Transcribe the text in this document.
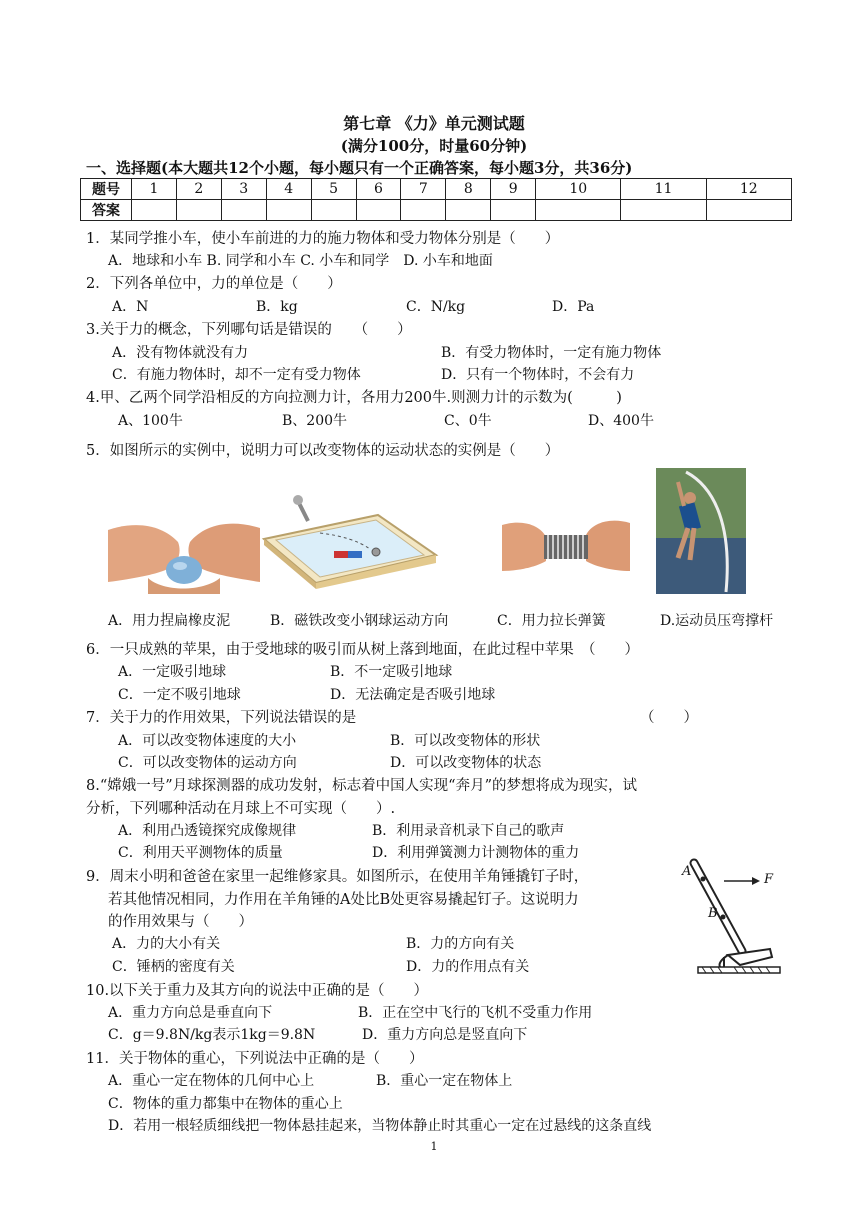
第七章 《力》单元测试题
(满分100分，时量60分钟)
一、选择题(本大题共12个小题，每小题只有一个正确答案，每小题3分，共36分)
题号	1	2	3	4	5	6	7	8	9	10	11	12
答案												
1．某同学推小车，使小车前进的力的施力物体和受力物体分别是（　　）
A．地球和小车 B. 同学和小车 C. 小车和同学　D. 小车和地面
2．下列各单位中，力的单位是（　　）
A．N	B．kg	C．N/kg	D．Pa
3.关于力的概念，下列哪句话是错误的　　（　　）
A．没有物体就没有力	B．有受力物体时，一定有施力物体
C．有施力物体时，却不一定有受力物体	D．只有一个物体时，不会有力
4.甲、乙两个同学沿相反的方向拉测力计，各用力200牛.则测力计的示数为(　　　)
A、100牛	B、200牛	C、0牛	D、400牛
5．如图所示的实例中，说明力可以改变物体的运动状态的实例是（　　）
A．用力捏扁橡皮泥	B．磁铁改变小钢球运动方向	C．用力拉长弹簧	D.运动员压弯撑杆
6．一只成熟的苹果，由于受地球的吸引而从树上落到地面，在此过程中苹果　（　　）
A．一定吸引地球	B．不一定吸引地球
C．一定不吸引地球	D．无法确定是否吸引地球
7．关于力的作用效果，下列说法错误的是	（　　）
A．可以改变物体速度的大小	B．可以改变物体的形状
C．可以改变物体的运动方向	D．可以改变物体的状态
8.“嫦娥一号”月球探测器的成功发射，标志着中国人实现“奔月”的梦想将成为现实，试
分析，下列哪种活动在月球上不可实现（　　）.
A．利用凸透镜探究成像规律	B．利用录音机录下自己的歌声
C．利用天平测物体的质量	D．利用弹簧测力计测物体的重力
9．周末小明和爸爸在家里一起维修家具。如图所示，在使用羊角锤撬钉子时，
若其他情况相同，力作用在羊角锤的A处比B处更容易撬起钉子。这说明力
的作用效果与（　　）
A．力的大小有关	B．力的方向有关
C．锤柄的密度有关	D．力的作用点有关
A
B
F
10.以下关于重力及其方向的说法中正确的是（　　）
A．重力方向总是垂直向下	B．正在空中飞行的飞机不受重力作用
C．g＝9.8N/kg表示1kg＝9.8N	D．重力方向总是竖直向下
11．关于物体的重心，下列说法中正确的是（　　）
A．重心一定在物体的几何中心上	B．重心一定在物体上
C．物体的重力都集中在物体的重心上
D．若用一根轻质细线把一物体悬挂起来，当物体静止时其重心一定在过悬线的这条直线
1
